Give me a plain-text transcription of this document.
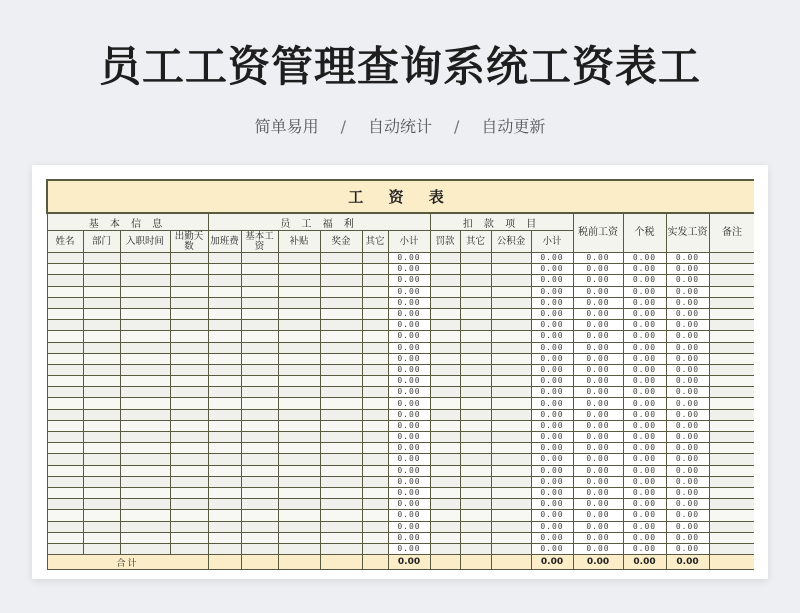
员工工资管理查询系统工资表工
简单易用 / 自动统计 / 自动更新
工 资 表																	
基 本 信 息				员 工 福 利						扣 款 项 目				税前工资	个税	实发工资	备注
姓名	部门	入职时间	出勤天数	加班费	基本工资	补贴	奖金	其它	小计	罚款	其它	公积金	小计				
									0.00				0.00	0.00	0.00	0.00	
									0.00				0.00	0.00	0.00	0.00	
									0.00				0.00	0.00	0.00	0.00	
									0.00				0.00	0.00	0.00	0.00	
									0.00				0.00	0.00	0.00	0.00	
									0.00				0.00	0.00	0.00	0.00	
									0.00				0.00	0.00	0.00	0.00	
									0.00				0.00	0.00	0.00	0.00	
									0.00				0.00	0.00	0.00	0.00	
									0.00				0.00	0.00	0.00	0.00	
									0.00				0.00	0.00	0.00	0.00	
									0.00				0.00	0.00	0.00	0.00	
									0.00				0.00	0.00	0.00	0.00	
									0.00				0.00	0.00	0.00	0.00	
									0.00				0.00	0.00	0.00	0.00	
									0.00				0.00	0.00	0.00	0.00	
									0.00				0.00	0.00	0.00	0.00	
									0.00				0.00	0.00	0.00	0.00	
									0.00				0.00	0.00	0.00	0.00	
									0.00				0.00	0.00	0.00	0.00	
									0.00				0.00	0.00	0.00	0.00	
									0.00				0.00	0.00	0.00	0.00	
									0.00				0.00	0.00	0.00	0.00	
									0.00				0.00	0.00	0.00	0.00	
									0.00				0.00	0.00	0.00	0.00	
									0.00				0.00	0.00	0.00	0.00	
									0.00				0.00	0.00	0.00	0.00	
合计									0.00				0.00	0.00	0.00	0.00	
